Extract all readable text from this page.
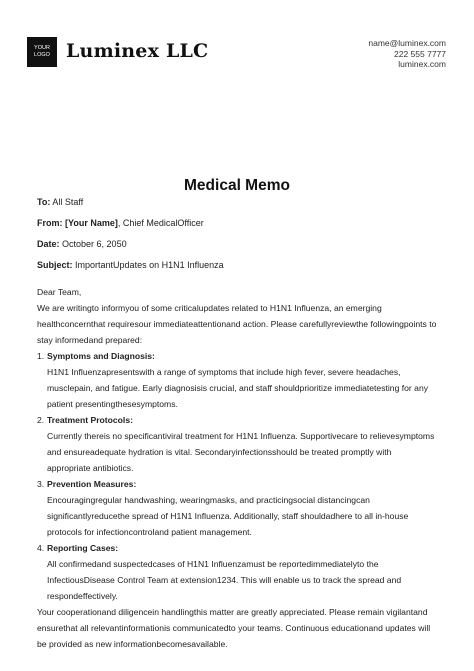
YOUR
LOGO Luminex LLC	name@luminex.com
222 555 7777
luminex.com
Medical Memo
To: All Staff
From: [Your Name], Chief MedicalOfficer
Date: October 6, 2050
Subject: ImportantUpdates on H1N1 Influenza

Dear Team,

We are writingto informyou of some criticalupdates related to H1N1 Influenza, an emerging healthconcernthat requiresour immediateattentionand action. Please carefullyreviewthe followingpoints to stay informedand prepared:

1. Symptoms and Diagnosis:
H1N1 Influenzapresentswith a range of symptoms that include high fever, severe headaches, musclepain, and fatigue. Early diagnosisis crucial, and staff shouldprioritize immediatetesting for any patient presentingthesesymptoms.
2. Treatment Protocols:
Currently thereis no specificantiviral treatment for H1N1 Influenza. Supportivecare to relievesymptoms and ensureadequate hydration is vital. Secondaryinfectionsshould be treated promptly with appropriate antibiotics.
3. Prevention Measures:
Encouragingregular handwashing, wearingmasks, and practicingsocial distancingcan significantlyreducethe spread of H1N1 Influenza. Additionally, staff shouldadhere to all in-house protocols for infectioncontroland patient management.
4. Reporting Cases:
All confirmedand suspectedcases of H1N1 Influenzamust be reportedimmediatelyto the InfectiousDisease Control Team at extension1234. This will enable us to track the spread and respondeffectively.

Your cooperationand diligencein handlingthis matter are greatly appreciated. Please remain vigilantand ensurethat all relevantinformationis communicatedto your teams. Continuous educationand updates will be provided as new informationbecomesavailable.
